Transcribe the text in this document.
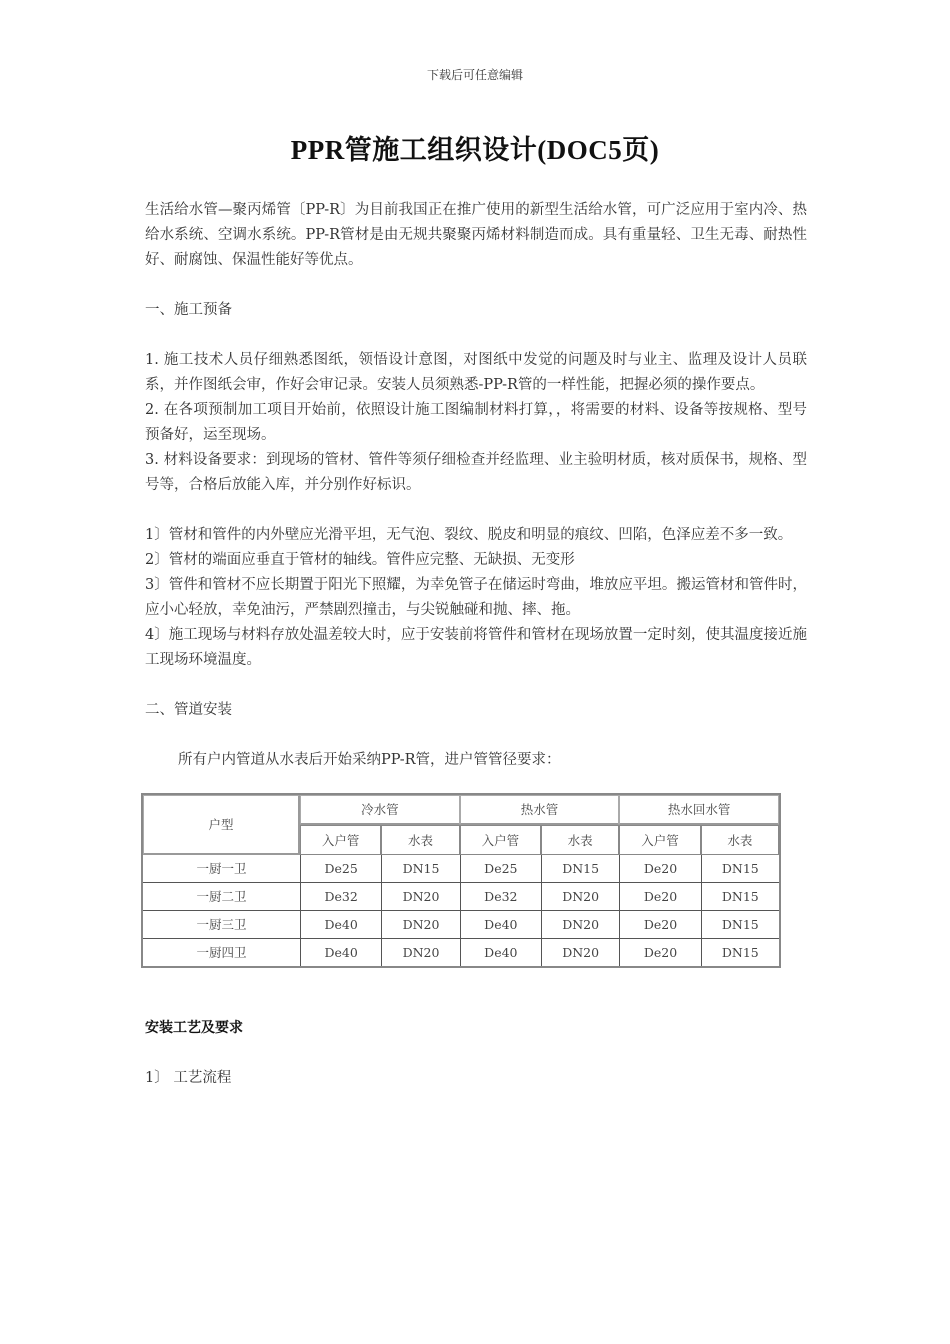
下载后可任意编辑
PPR管施工组织设计(DOC5页)

生活给水管—聚丙烯管〔PP-R〕为目前我国正在推广使用的新型生活给水管，可广泛应用于室内冷、热给水系统、空调水系统。PP-R管材是由无规共聚聚丙烯材料制造而成。具有重量轻、卫生无毒、耐热性好、耐腐蚀、保温性能好等优点。

一、施工预备

1. 施工技术人员仔细熟悉图纸，领悟设计意图，对图纸中发觉的问题及时与业主、监理及设计人员联系，并作图纸会审，作好会审记录。安装人员须熟悉-PP-R管的一样性能，把握必须的操作要点。

2. 在各项预制加工项目开始前，依照设计施工图编制材料打算，，将需要的材料、设备等按规格、型号预备好，运至现场。

3. 材料设备要求：到现场的管材、管件等须仔细检查并经监理、业主验明材质，核对质保书，规格、型号等，合格后放能入库，并分别作好标识。

1〕管材和管件的内外壁应光滑平坦，无气泡、裂纹、脱皮和明显的痕纹、凹陷，色泽应差不多一致。

2〕管材的端面应垂直于管材的轴线。管件应完整、无缺损、无变形

3〕管件和管材不应长期置于阳光下照耀，为幸免管子在储运时弯曲，堆放应平坦。搬运管材和管件时，应小心轻放，幸免油污，严禁剧烈撞击，与尖锐触碰和抛、摔、拖。

4〕施工现场与材料存放处温差较大时，应于安装前将管件和管材在现场放置一定时刻，使其温度接近施工现场环境温度。

二、管道安装

所有户内管道从水表后开始采纳PP-R管，进户管管径要求：

户型	冷水管		热水管		热水回水管	
	入户管	水表	入户管	水表	入户管	水表
一厨一卫	De25	DN15	De25	DN15	De20	DN15
一厨二卫	De32	DN20	De32	DN20	De20	DN15
一厨三卫	De40	DN20	De40	DN20	De20	DN15
一厨四卫	De40	DN20	De40	DN20	De20	DN15

安装工艺及要求

1〕 工艺流程
